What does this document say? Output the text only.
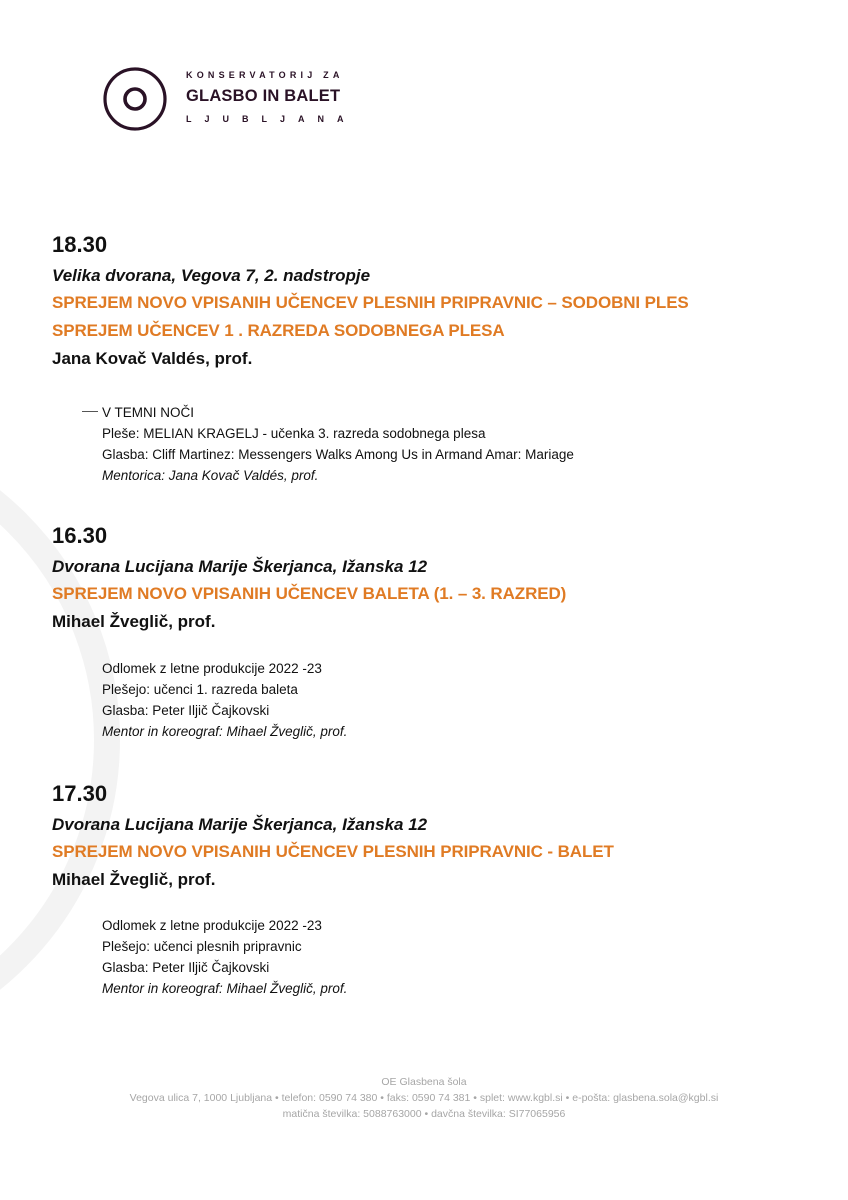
KONSERVATORIJ ZA
GLASBO IN BALET
LJUBLJANA

18.30

Velika dvorana, Vegova 7, 2. nadstropje

SPREJEM NOVO VPISANIH UČENCEV PLESNIH PRIPRAVNIC – SODOBNI PLES

SPREJEM UČENCEV 1 . RAZREDA SODOBNEGA PLESA

Jana Kovač Valdés, prof.

V TEMNI NOČI
Pleše: MELIAN KRAGELJ - učenka 3. razreda sodobnega plesa
Glasba: Cliff Martinez: Messengers Walks Among Us in Armand Amar: Mariage
Mentorica: Jana Kovač Valdés, prof.

16.30

Dvorana Lucijana Marije Škerjanca, Ižanska 12

SPREJEM NOVO VPISANIH UČENCEV BALETA (1. – 3. RAZRED)

Mihael Žveglič, prof.

Odlomek z letne produkcije 2022 -23
Plešejo: učenci 1. razreda baleta
Glasba: Peter Iljič Čajkovski
Mentor in koreograf: Mihael Žveglič, prof.

17.30

Dvorana Lucijana Marije Škerjanca, Ižanska 12

SPREJEM NOVO VPISANIH UČENCEV PLESNIH PRIPRAVNIC - BALET

Mihael Žveglič, prof.

Odlomek z letne produkcije 2022 -23
Plešejo: učenci plesnih pripravnic
Glasba: Peter Iljič Čajkovski
Mentor in koreograf: Mihael Žveglič, prof.
OE Glasbena šola
Vegova ulica 7, 1000 Ljubljana • telefon: 0590 74 380 • faks: 0590 74 381 • splet: www.kgbl.si • e-pošta: glasbena.sola@kgbl.si
matična številka: 5088763000 • davčna številka: SI77065956
